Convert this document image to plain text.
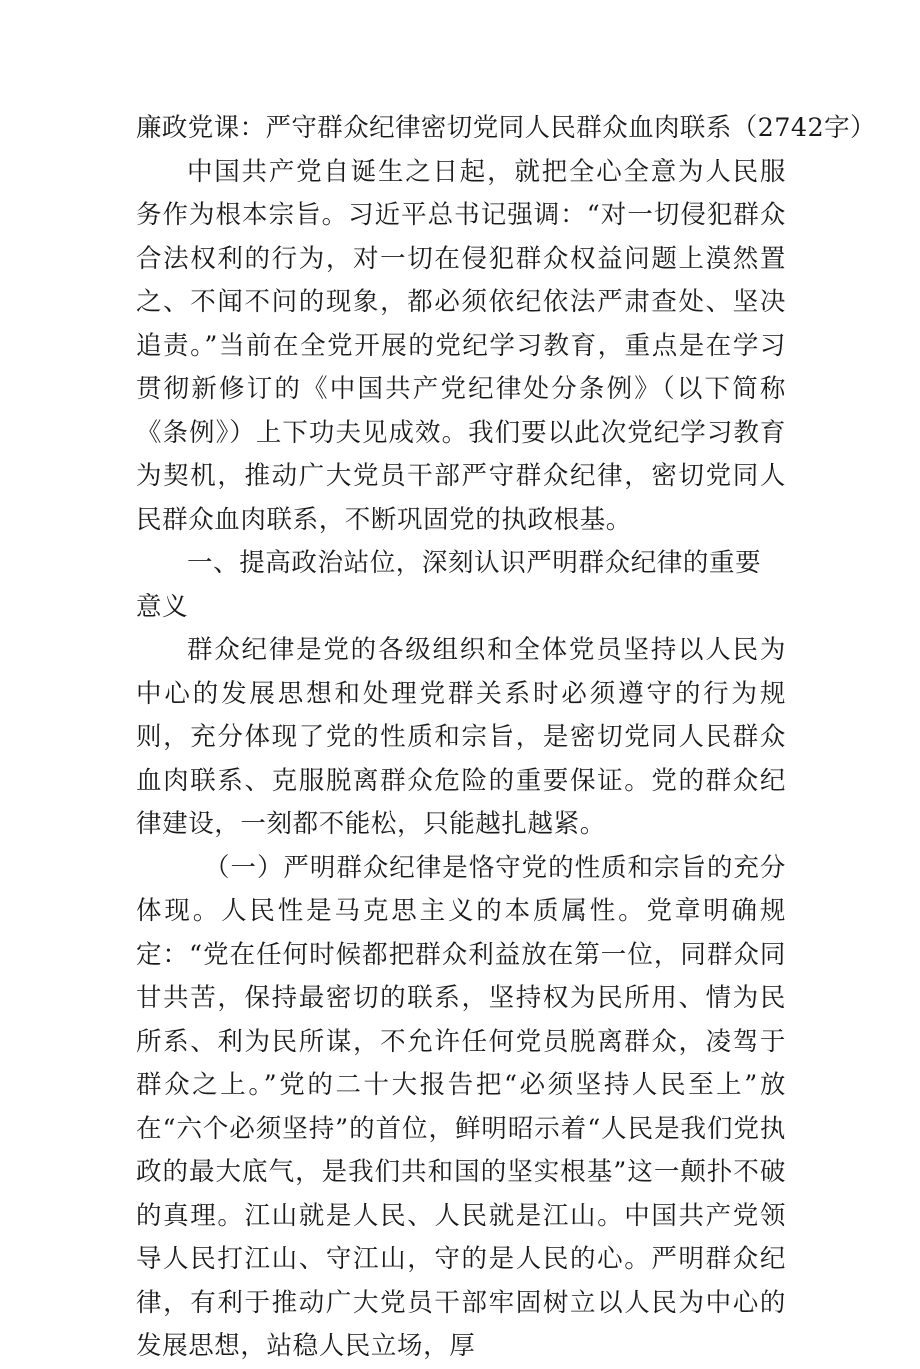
廉政党课：严守群众纪律密切党同人民群众血肉联系（2742字）

中国共产党自诞生之日起，就把全心全意为人民服务作为根本宗旨。习近平总书记强调：“对一切侵犯群众合法权利的行为，对一切在侵犯群众权益问题上漠然置之、不闻不问的现象，都必须依纪依法严肃查处、坚决追责。”当前在全党开展的党纪学习教育，重点是在学习贯彻新修订的《中国共产党纪律处分条例》（以下简称《条例》）上下功夫见成效。我们要以此次党纪学习教育为契机，推动广大党员干部严守群众纪律，密切党同人民群众血肉联系，不断巩固党的执政根基。

一、提高政治站位，深刻认识严明群众纪律的重要意义

群众纪律是党的各级组织和全体党员坚持以人民为中心的发展思想和处理党群关系时必须遵守的行为规则，充分体现了党的性质和宗旨，是密切党同人民群众血肉联系、克服脱离群众危险的重要保证。党的群众纪律建设，一刻都不能松，只能越扎越紧。

（一）严明群众纪律是恪守党的性质和宗旨的充分体现。人民性是马克思主义的本质属性。党章明确规定：“党在任何时候都把群众利益放在第一位，同群众同甘共苦，保持最密切的联系，坚持权为民所用、情为民所系、利为民所谋，不允许任何党员脱离群众，凌驾于群众之上。”党的二十大报告把“必须坚持人民至上”放在“六个必须坚持”的首位，鲜明昭示着“人民是我们党执政的最大底气，是我们共和国的坚实根基”这一颠扑不破的真理。江山就是人民、人民就是江山。中国共产党领导人民打江山、守江山，守的是人民的心。严明群众纪律，有利于推动广大党员干部牢固树立以人民为中心的发展思想，站稳人民立场，厚
